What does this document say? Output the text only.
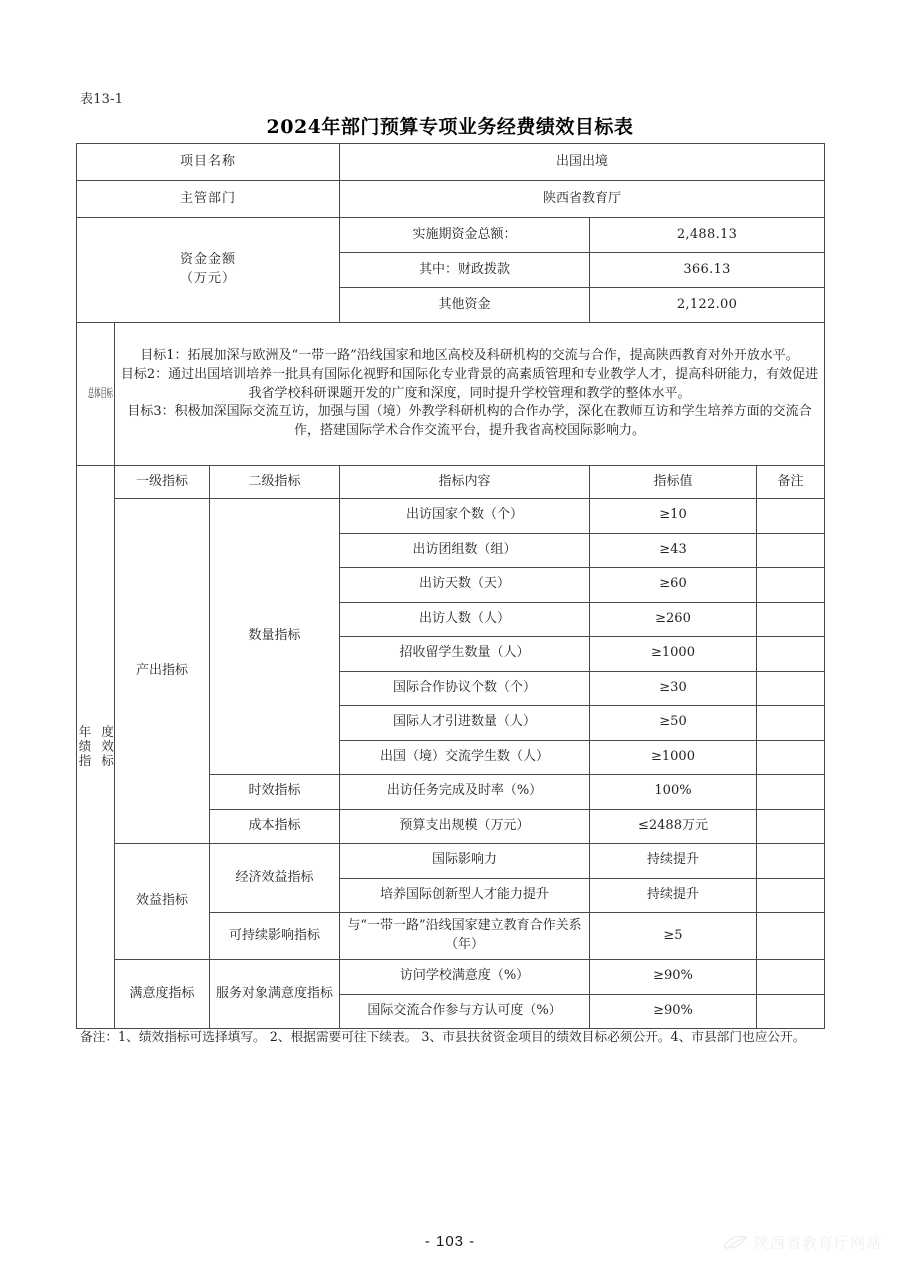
表13-1
2024年部门预算专项业务经费绩效目标表
项目名称			出国出境		
主管部门			陕西省教育厅		

资金金额
（万元）			实施期资金总额：	2,488.13	
			其中：财政拨款	366.13	
			其他资金	2,122.00	

总体目标	目标1：拓展加深与欧洲及“一带一路”沿线国家和地区高校及科研机构的交流与合作，提高陕西教育对外开放水平。

目标2：通过出国培训培养一批具有国际化视野和国际化专业背景的高素质管理和专业教学人才，提高科研能力，有效促进我省学校科研课题开发的广度和深度，同时提升学校管理和教学的整体水平。

目标3：积极加深国际交流互访，加强与国（境）外教学科研机构的合作办学，深化在教师互访和学生培养方面的交流合作，搭建国际学术合作交流平台，提升我省高校国际影响力。				

年绩指 度效标	一级指标	二级指标	指标内容	指标值	备注
	产出指标	数量指标	出访国家个数（个）	≥10	
			出访团组数（组）	≥43	
			出访天数（天）	≥60	
			出访人数（人）	≥260	
			招收留学生数量（人）	≥1000	
			国际合作协议个数（个）	≥30	
			国际人才引进数量（人）	≥50	
			出国（境）交流学生数（人）	≥1000	
		时效指标	出访任务完成及时率（%）	100%	
		成本指标	预算支出规模（万元）	≤2488万元	
	效益指标	经济效益指标	国际影响力	持续提升	
			培养国际创新型人才能力提升	持续提升	
		可持续影响指标	与“一带一路”沿线国家建立教育合作关系（年）	≥5	
	满意度指标	服务对象满意度指标	访问学校满意度（%）	≥90%	
			国际交流合作参与方认可度（%）	≥90%	
备注：1、绩效指标可选择填写。 2、根据需要可往下续表。 3、市县扶贫资金项目的绩效目标必须公开。4、市县部门也应公开。
- 103 -	陕西省教育厅网站
